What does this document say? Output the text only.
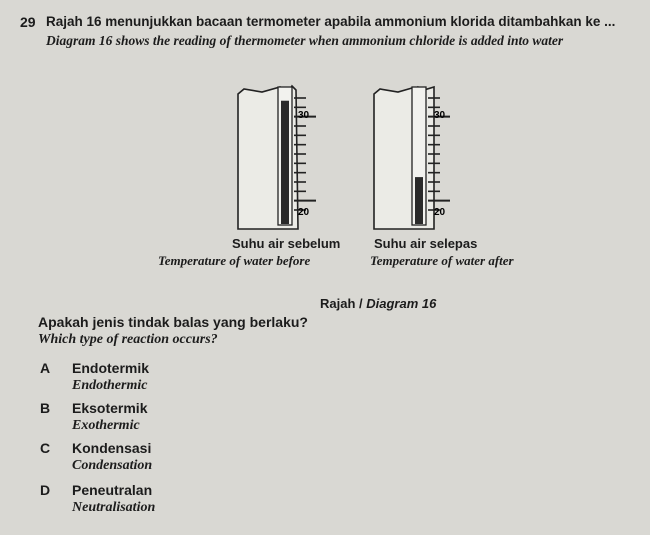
29 Rajah 16 menunjukkan bacaan termometer apabila ammonium klorida ditambahkan ke ...
Diagram 16 shows the reading of thermometer when ammonium chloride is added into water
30
20
30
20
Suhu air sebelum
Temperature of water before
Suhu air selepas
Temperature of water after
Rajah / Diagram 16
Apakah jenis tindak balas yang berlaku?
Which type of reaction occurs?
A Endotermik
Endothermic
B Eksotermik
Exothermic
C Kondensasi
Condensation
D Peneutralan
Neutralisation
